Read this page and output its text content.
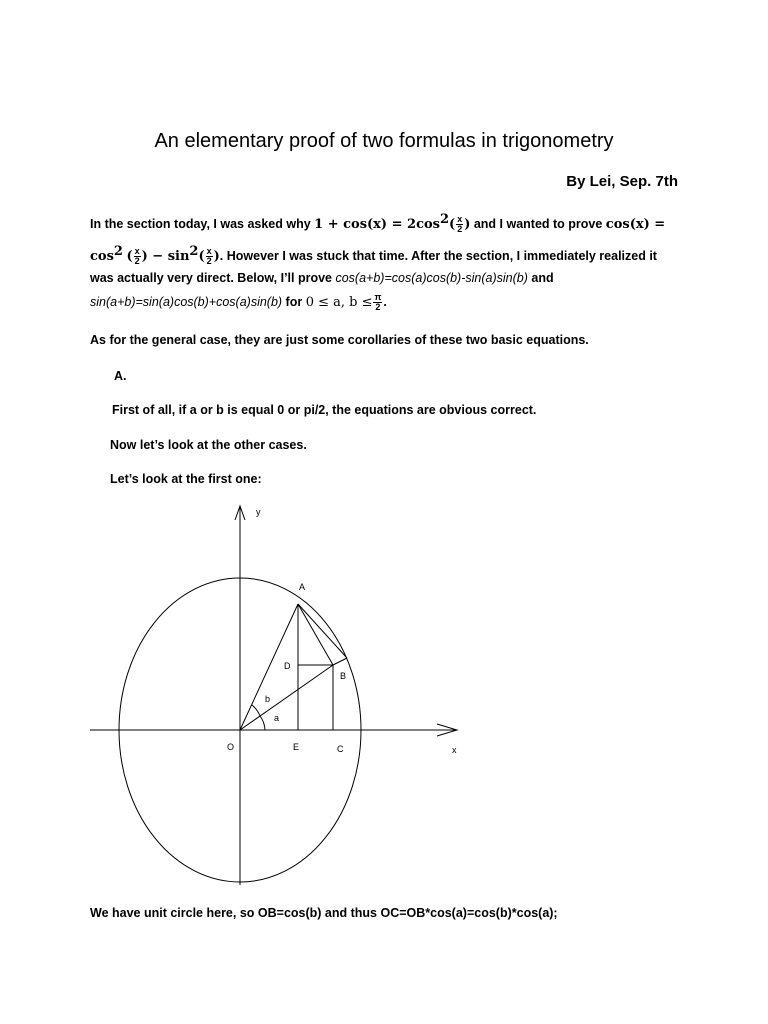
An elementary proof of two formulas in trigonometry
By Lei, Sep. 7th
In the section today, I was asked why $1 + \cos(x) = 2\cos^2( \frac{x}{2}$ ) and I wanted to prove cos(x) =
$\cos^2$ ( $\frac{x}{2}$ ) − $\sin^2( \frac{x}{2}$ ). However I was stuck that time. After the section, I immediately realized it
was actually very direct. Below, I’ll prove cos(a+b)=cos(a)cos(b)-sin(a)sin(b) and
sin(a+b)=sin(a)cos(b)+cos(a)sin(b) for 0 ≤ a, $b \le \frac{\pi}{2}$ .
As for the general case, they are just some corollaries of these two basic equations.
A.
First of all, if a or b is equal 0 or pi/2, the equations are obvious correct.
Now let’s look at the other cases.
Let’s look at the first one:
y
x
O
A
B
C
D
E
a
b
We have unit circle here, so OB=cos(b) and thus OC=OB*cos(a)=cos(b)*cos(a);
